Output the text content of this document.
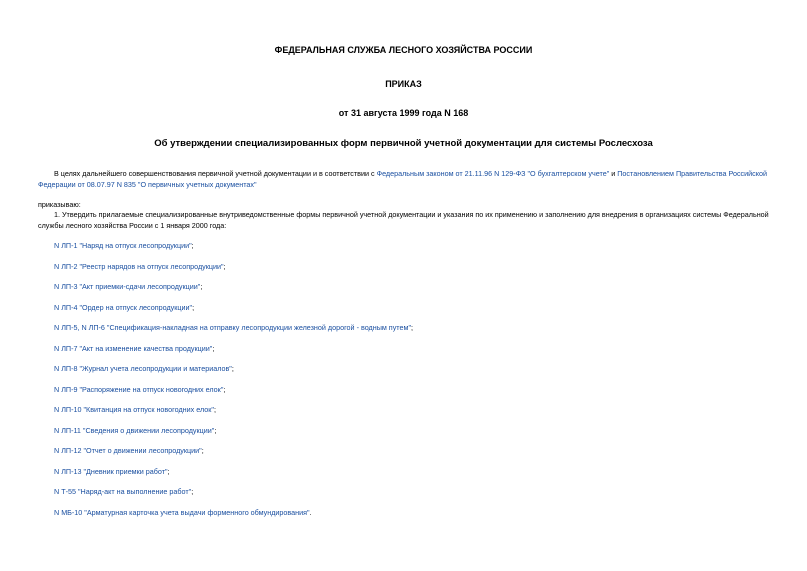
ФЕДЕРАЛЬНАЯ СЛУЖБА ЛЕСНОГО ХОЗЯЙСТВА РОССИИ
ПРИКАЗ
от 31 августа 1999 года N 168
Об утверждении специализированных форм первичной учетной документации для системы Рослесхоза
В целях дальнейшего совершенствования первичной учетной документации и в соответствии с Федеральным законом от 21.11.96 N 129-ФЗ "О бухгалтерском учете" и Постановлением Правительства Российской Федерации от 08.07.97 N 835 "О первичных учетных документах"
приказываю:
1. Утвердить прилагаемые специализированные внутриведомственные формы первичной учетной документации и указания по их применению и заполнению для внедрения в организациях системы Федеральной службы лесного хозяйства России с 1 января 2000 года:
N ЛП-1 "Наряд на отпуск лесопродукции";
N ЛП-2 "Реестр нарядов на отпуск лесопродукции";
N ЛП-3 "Акт приемки-сдачи лесопродукции";
N ЛП-4 "Ордер на отпуск лесопродукции";
N ЛП-5, N ЛП-6 "Спецификация-накладная на отправку лесопродукции железной дорогой - водным путем";
N ЛП-7 "Акт на изменение качества продукции";
N ЛП-8 "Журнал учета лесопродукции и материалов";
N ЛП-9 "Распоряжение на отпуск новогодних елок";
N ЛП-10 "Квитанция на отпуск новогодних елок";
N ЛП-11 "Сведения о движении лесопродукции";
N ЛП-12 "Отчет о движении лесопродукции";
N ЛП-13 "Дневник приемки работ";
N Т-55 "Наряд-акт на выполнение работ";
N МБ-10 "Арматурная карточка учета выдачи форменного обмундирования".
